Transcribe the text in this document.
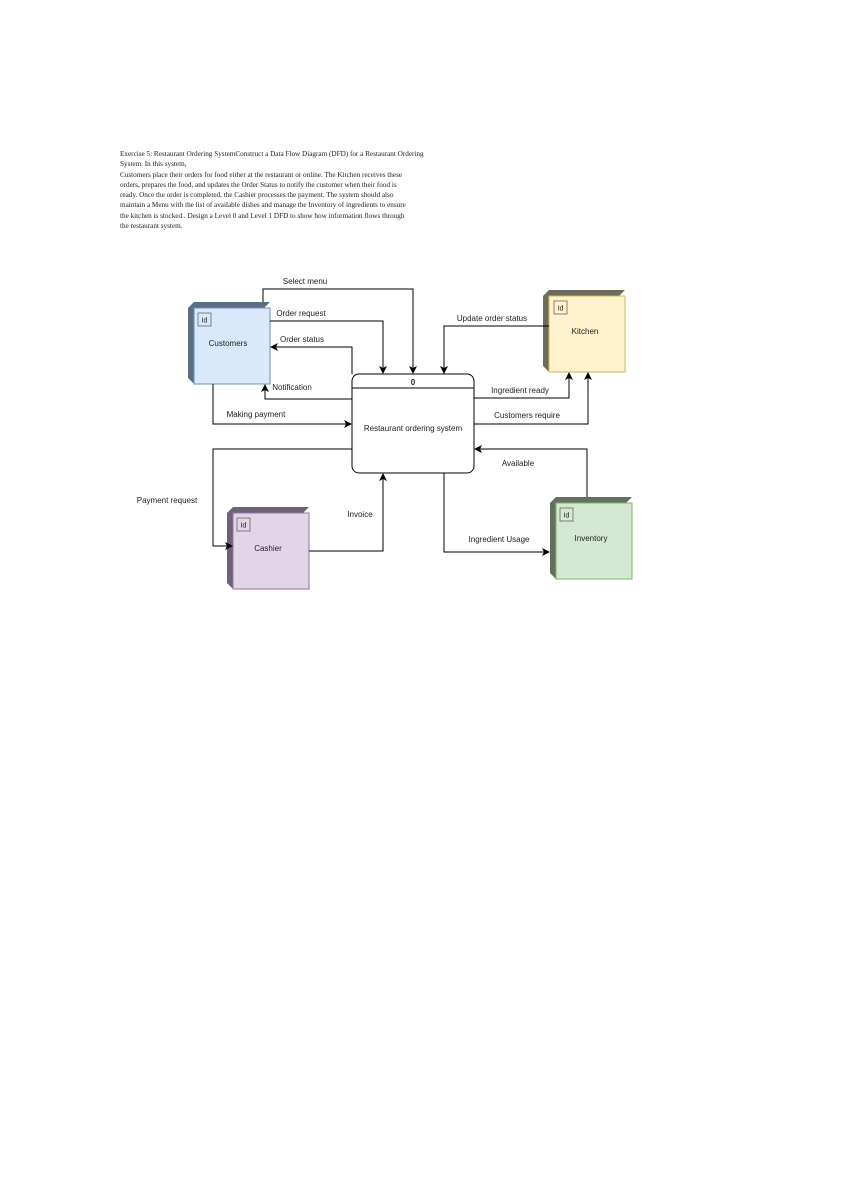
Exercise 5: Restaurant Ordering SystemConstruct a Data Flow Diagram (DFD) for a Restaurant Ordering
System. In this system,
Customers place their orders for food either at the restaurant or online. The Kitchen receives these
orders, prepares the food, and updates the Order Status to notify the customer when their food is
ready. Once the order is completed, the Cashier processes the payment. The system should also
maintain a Menu with the list of available dishes and manage the Inventory of ingredients to ensure
the kitchen is stocked . Design a Level 0 and Level 1 DFD to show how information flows through
the restaurant system.
Id
Customers
Id
Kitchen
Id
Cashier
Id
Inventory
0
Restaurant ordering system
Select menu
Order request
Order status
Notification
Making payment
Update order status
Ingredient ready
Customers require
Available
Payment request
Invoice
Ingredient Usage
